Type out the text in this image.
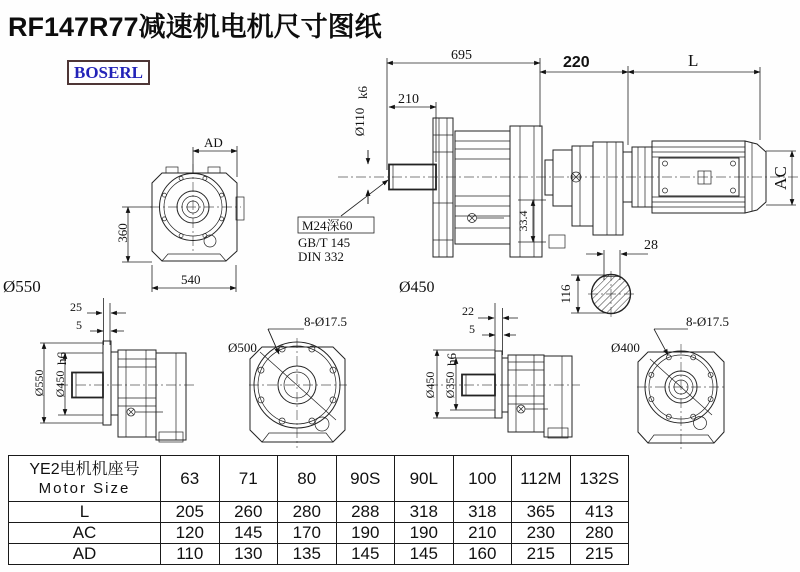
RF147R77减速机电机尺寸图纸
BOSERL
695
210
220	L
AC
AD
360
540
Ø550
Ø110
k6
M24深60
GB/T 145
DIN 332
33.4
28
116
25
5
Ø550 Ø450
h6
Ø500
8-Ø17.5
22
5
Ø450 Ø350
h6
Ø450
Ø400
8-Ø17.5
YE2电机机座号
Motor Size	63	71	80	90S	90L	100	112M	132S
L	205	260	280	288	318	318	365	413
AC	120	145	170	190	190	210	230	280
AD	110	130	135	145	145	160	215	215
